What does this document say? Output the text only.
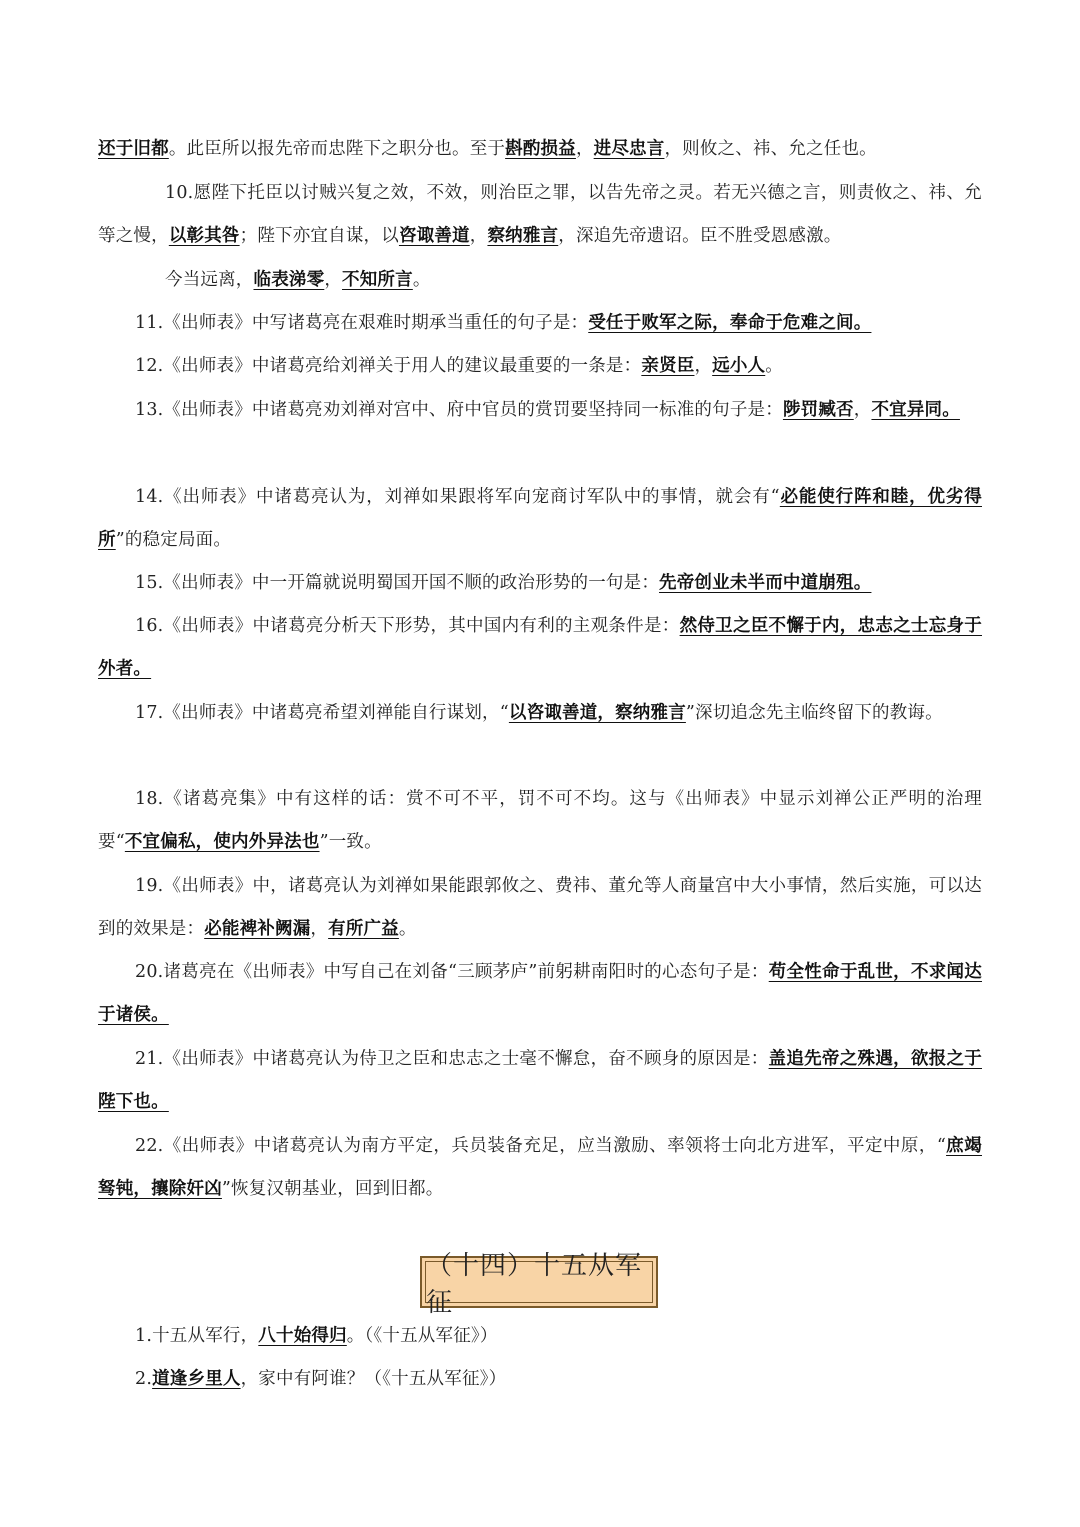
还于旧都。此臣所以报先帝而忠陛下之职分也。至于斟酌损益，进尽忠言，则攸之、祎、允之任也。

10.愿陛下托臣以讨贼兴复之效，不效，则治臣之罪，以告先帝之灵。若无兴德之言，则责攸之、祎、允等之慢，以彰其咎；陛下亦宜自谋，以咨诹善道，察纳雅言，深追先帝遗诏。臣不胜受恩感激。

今当远离，临表涕零，不知所言。

11.《出师表》中写诸葛亮在艰难时期承当重任的句子是：受任于败军之际，奉命于危难之间。

12.《出师表》中诸葛亮给刘禅关于用人的建议最重要的一条是：亲贤臣，远小人。

13.《出师表》中诸葛亮劝刘禅对宫中、府中官员的赏罚要坚持同一标准的句子是：陟罚臧否，不宜异同。

14.《出师表》中诸葛亮认为，刘禅如果跟将军向宠商讨军队中的事情，就会有“必能使行阵和睦，优劣得所”的稳定局面。

15.《出师表》中一开篇就说明蜀国开国不顺的政治形势的一句是：先帝创业未半而中道崩殂。

16.《出师表》中诸葛亮分析天下形势，其中国内有利的主观条件是：然侍卫之臣不懈于内，忠志之士忘身于外者。

17.《出师表》中诸葛亮希望刘禅能自行谋划，“以咨诹善道，察纳雅言”深切追念先主临终留下的教诲。

18.《诸葛亮集》中有这样的话：赏不可不平，罚不可不均。这与《出师表》中显示刘禅公正严明的治理要“不宜偏私，使内外异法也”一致。

19.《出师表》中，诸葛亮认为刘禅如果能跟郭攸之、费祎、董允等人商量宫中大小事情，然后实施，可以达到的效果是：必能裨补阙漏，有所广益。

20.诸葛亮在《出师表》中写自己在刘备“三顾茅庐”前躬耕南阳时的心态句子是：苟全性命于乱世，不求闻达于诸侯。

21.《出师表》中诸葛亮认为侍卫之臣和忠志之士毫不懈怠，奋不顾身的原因是：盖追先帝之殊遇，欲报之于陛下也。

22.《出师表》中诸葛亮认为南方平定，兵员装备充足，应当激励、率领将士向北方进军，平定中原，“庶竭驽钝，攘除奸凶”恢复汉朝基业，回到旧都。

（十四）十五从军征

1.十五从军行，八十始得归。（《十五从军征》）

2.道逢乡里人，家中有阿谁？（《十五从军征》）
